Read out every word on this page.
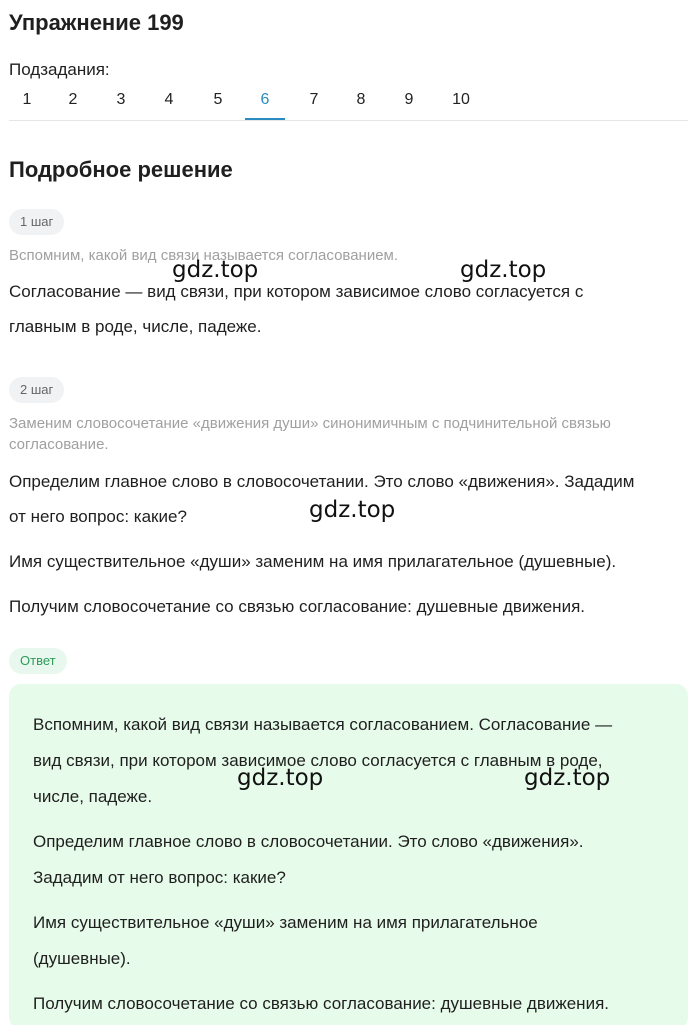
Упражнение 199
Подзадания:
1	2	3	4	5	6	7	8	9	10
Подробное решение
1 шаг
Вспомним, какой вид связи называется согласованием.
Согласование — вид связи, при котором зависимое слово согласуется с
главным в роде, числе, падеже.
2 шаг
Заменим словосочетание «движения души» синонимичным с подчинительной связью
согласование.
Определим главное слово в словосочетании. Это слово «движения». Зададим
от него вопрос: какие?
Имя существительное «души» заменим на имя прилагательное (душевные).
Получим словосочетание со связью согласование: душевные движения.
Ответ
Вспомним, какой вид связи называется согласованием. Согласование —
вид связи, при котором зависимое слово согласуется с главным в роде,
числе, падеже.
Определим главное слово в словосочетании. Это слово «движения».
Зададим от него вопрос: какие?
Имя существительное «души» заменим на имя прилагательное
(душевные).
Получим словосочетание со связью согласование: душевные движения.
gdz.top	gdz.top
gdz.top
gdz.top	gdz.top
